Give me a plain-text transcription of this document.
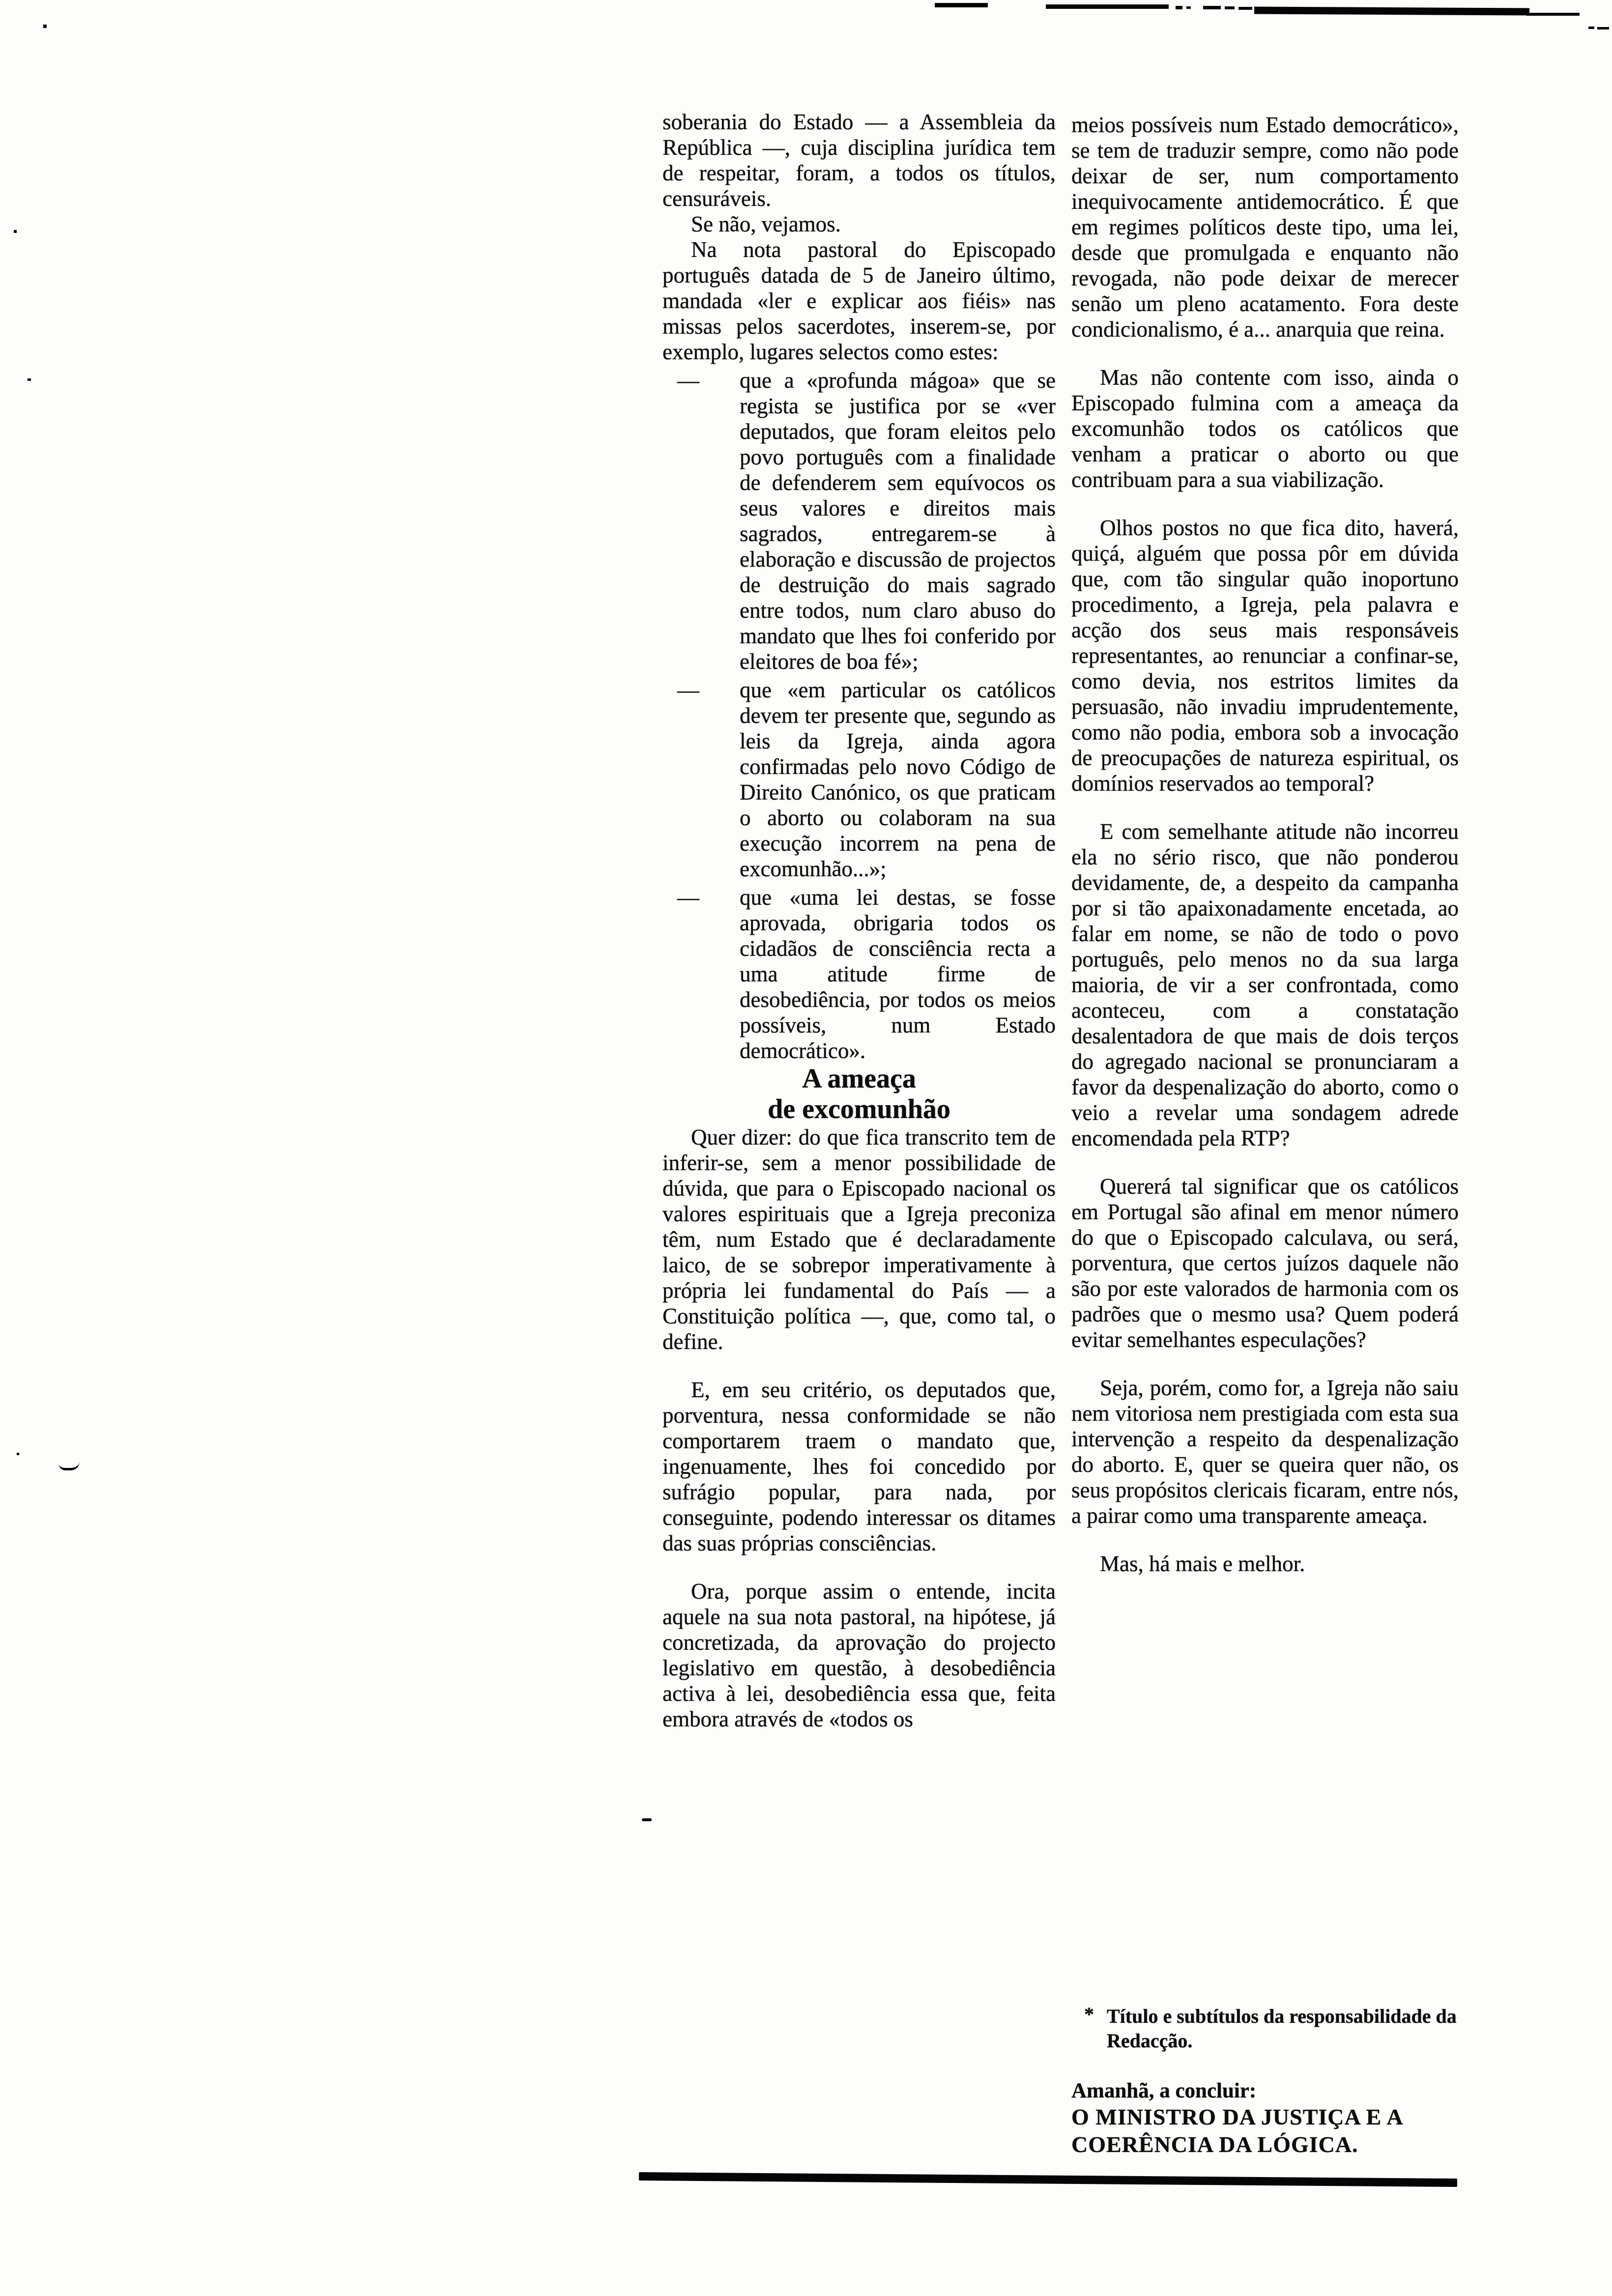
soberania do Estado — a Assembleia da República —, cuja disciplina jurídica tem de respeitar, foram, a todos os títulos, censuráveis.

Se não, vejamos.

Na nota pastoral do Episcopado português datada de 5 de Janeiro último, mandada «ler e explicar aos fiéis» nas missas pelos sacerdotes, inserem-se, por exemplo, lugares selectos como estes:

— que a «profunda mágoa» que se regista se justifica por se «ver deputados, que foram eleitos pelo povo português com a finalidade de defenderem sem equívocos os seus valores e direitos mais sagrados, entregarem-se à elaboração e discussão de projectos de destruição do mais sagrado entre todos, num claro abuso do mandato que lhes foi conferido por eleitores de boa fé»;
— que «em particular os católicos devem ter presente que, segundo as leis da Igreja, ainda agora confirmadas pelo novo Código de Direito Canónico, os que praticam o aborto ou colaboram na sua execução incorrem na pena de excomunhão...»;
— que «uma lei destas, se fosse aprovada, obrigaria todos os cidadãos de consciência recta a uma atitude firme de desobediência, por todos os meios possíveis, num Estado democrático».

A ameaça
de excomunhão

Quer dizer: do que fica transcrito tem de inferir-se, sem a menor possibilidade de dúvida, que para o Episcopado nacional os valores espirituais que a Igreja preconiza têm, num Estado que é declaradamente laico, de se sobrepor imperativamente à própria lei fundamental do País — a Constituição política —, que, como tal, o define.

E, em seu critério, os deputados que, porventura, nessa conformidade se não comportarem traem o mandato que, ingenuamente, lhes foi concedido por sufrágio popular, para nada, por conseguinte, podendo interessar os ditames das suas próprias consciências.

Ora, porque assim o entende, incita aquele na sua nota pastoral, na hipótese, já concretizada, da aprovação do projecto legislativo em questão, à desobediência activa à lei, desobediência essa que, feita embora através de «todos os

meios possíveis num Estado democrático», se tem de traduzir sempre, como não pode deixar de ser, num comportamento inequivocamente antidemocrático. É que em regimes políticos deste tipo, uma lei, desde que promulgada e enquanto não revogada, não pode deixar de merecer senão um pleno acatamento. Fora deste condicionalismo, é a... anarquia que reina.

Mas não contente com isso, ainda o Episcopado fulmina com a ameaça da excomunhão todos os católicos que venham a praticar o aborto ou que contribuam para a sua viabilização.

Olhos postos no que fica dito, haverá, quiçá, alguém que possa pôr em dúvida que, com tão singular quão inoportuno procedimento, a Igreja, pela palavra e acção dos seus mais responsáveis representantes, ao renunciar a confinar-se, como devia, nos estritos limites da persuasão, não invadiu imprudentemente, como não podia, embora sob a invocação de preocupações de natureza espiritual, os domínios reservados ao temporal?

E com semelhante atitude não incorreu ela no sério risco, que não ponderou devidamente, de, a despeito da campanha por si tão apaixonadamente encetada, ao falar em nome, se não de todo o povo português, pelo menos no da sua larga maioria, de vir a ser confrontada, como aconteceu, com a constatação desalentadora de que mais de dois terços do agregado nacional se pronunciaram a favor da despenalização do aborto, como o veio a revelar uma sondagem adrede encomendada pela RTP?

Quererá tal significar que os católicos em Portugal são afinal em menor número do que o Episcopado calculava, ou será, porventura, que certos juízos daquele não são por este valorados de harmonia com os padrões que o mesmo usa? Quem poderá evitar semelhantes especulações?

Seja, porém, como for, a Igreja não saiu nem vitoriosa nem prestigiada com esta sua intervenção a respeito da despenalização do aborto. E, quer se queira quer não, os seus propósitos clericais ficaram, entre nós, a pairar como uma transparente ameaça.

Mas, há mais e melhor.

* Título e subtítulos da responsabilidade da Redacção.
Amanhã, a concluir:
O MINISTRO DA JUSTIÇA E A
COERÊNCIA DA LÓGICA.
